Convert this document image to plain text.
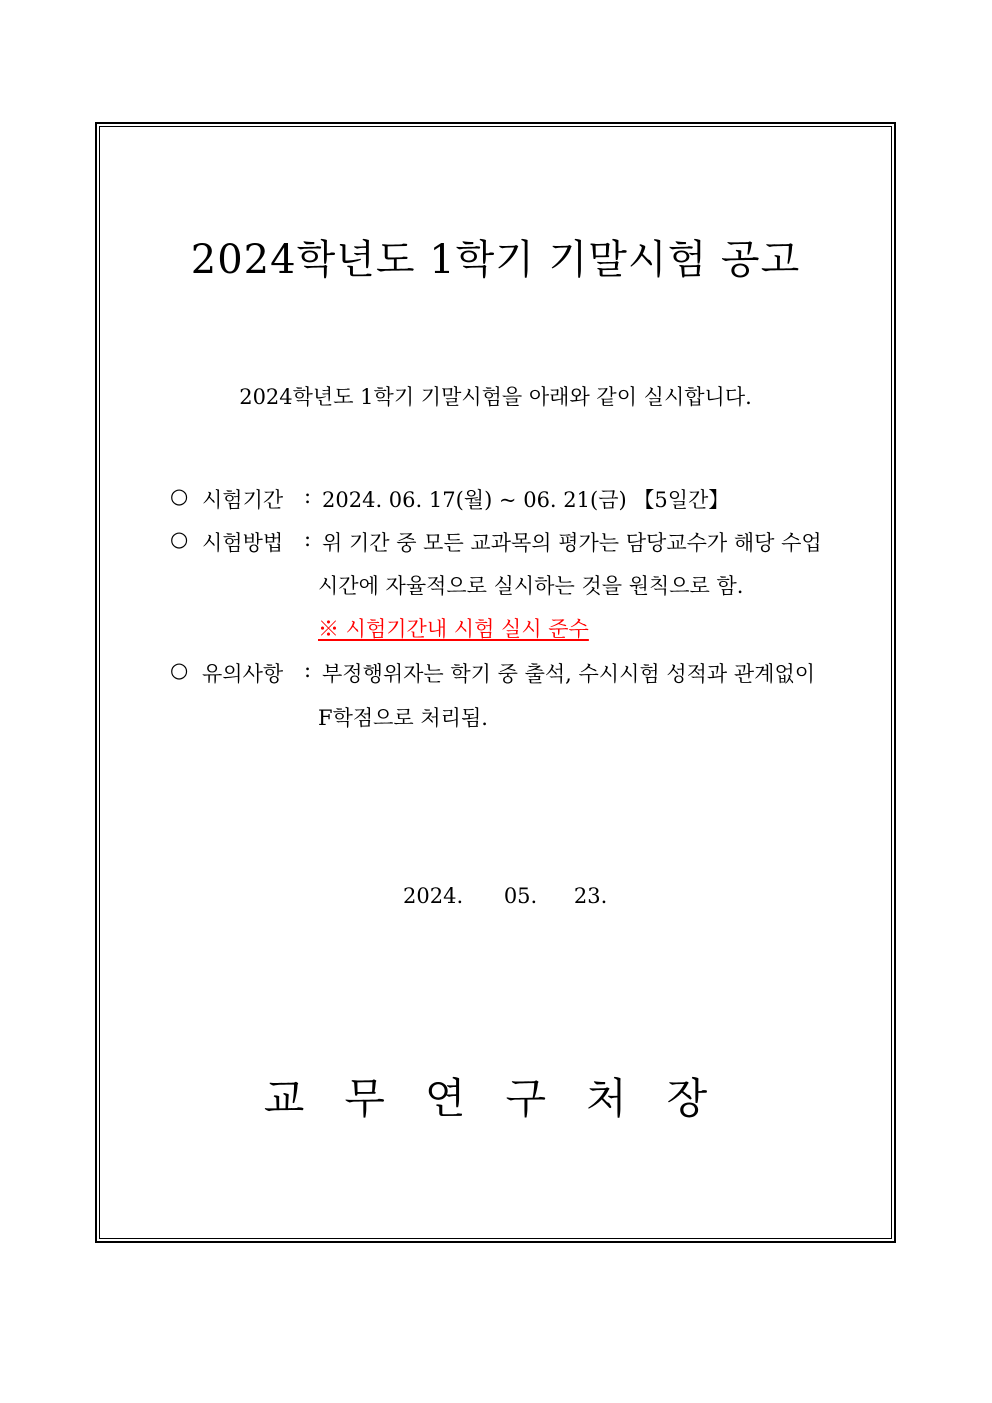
2024학년도 1학기 기말시험 공고
2024학년도 1학기 기말시험을 아래와 같이 실시합니다.
○ 시험기간 : 2024. 06. 17(월) ~ 06. 21(금) 【5일간】
○ 시험방법 : 위 기간 중 모든 교과목의 평가는 담당교수가 해당 수업
시간에 자율적으로 실시하는 것을 원칙으로 함.
※ 시험기간내 시험 실시 준수
○ 유의사항 : 부정행위자는 학기 중 출석, 수시시험 성적과 관계없이
F학점으로 처리됨.
2024. 05. 23.
교무연구처장
